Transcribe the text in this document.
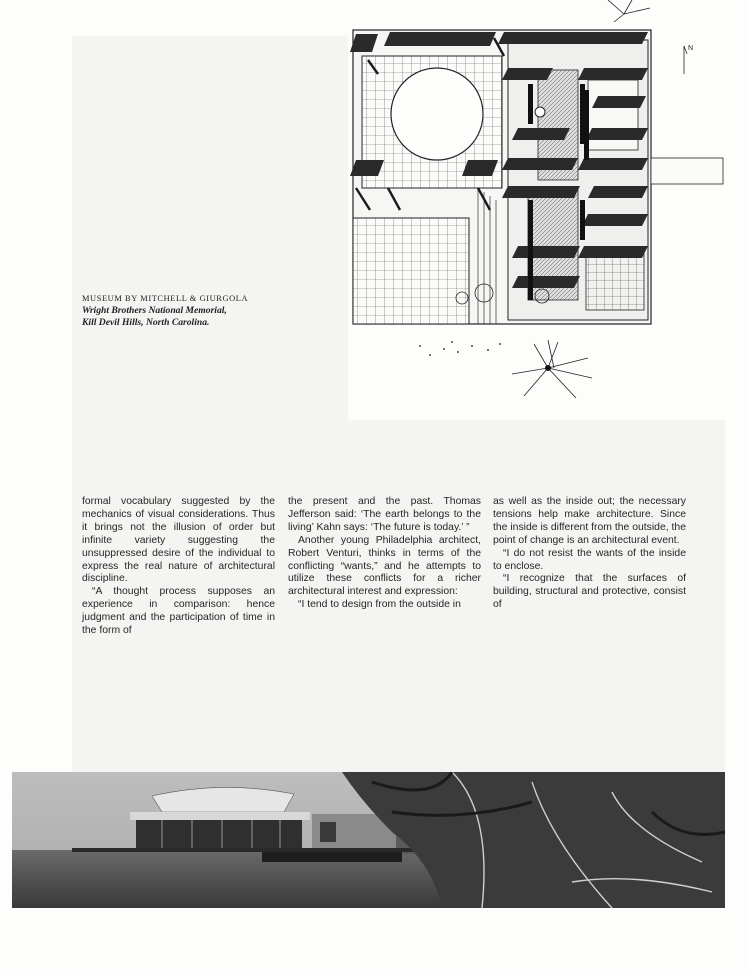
N
MUSEUM BY MITCHELL & GIURGOLA
Wright Brothers National Memorial,
Kill Devil Hills, North Carolina.

formal vocabulary suggested by the mechanics of visual considerations. Thus it brings not the illusion of order but infinite variety suggesting the unsuppressed desire of the individual to express the real nature of architectural discipline.

“A thought process supposes an experience in comparison: hence judgment and the participation of time in the form of

the present and the past. Thomas Jefferson said: ‘The earth belongs to the living’ Kahn says: ‘The future is today.’ ”

Another young Philadelphia architect, Robert Venturi, thinks in terms of the conflicting “wants,” and he attempts to utilize these conflicts for a richer architectural interest and expression:

“I tend to design from the outside in

as well as the inside out; the necessary tensions help make architecture. Since the inside is different from the outside, the point of change is an architectural event.

“I do not resist the wants of the inside to enclose.

“I recognize that the surfaces of building, structural and protective, consist of
